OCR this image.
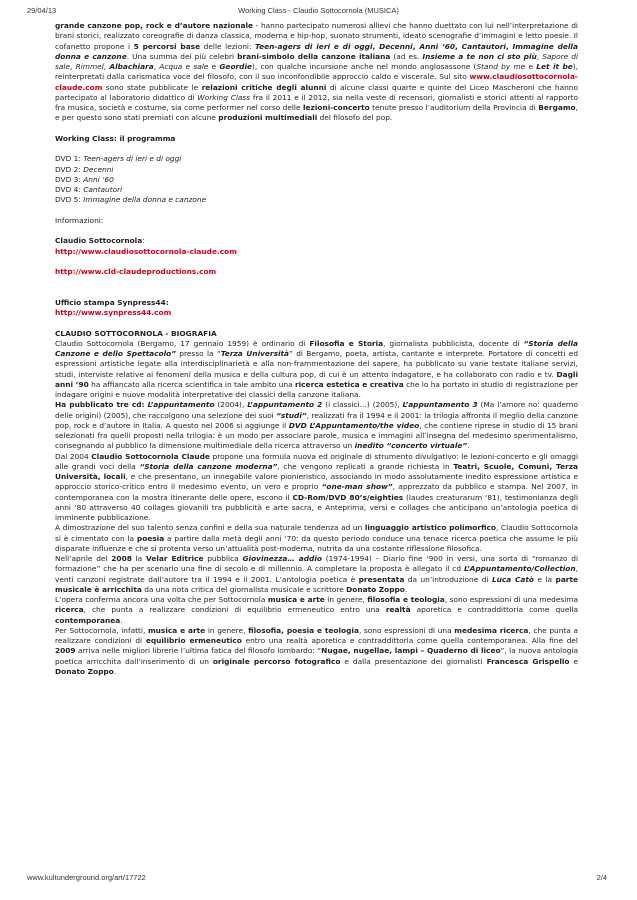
29/04/13	Working Class - Claudio Sottocornola (MUSICA)

grande canzone pop, rock e d’autore nazionale - hanno partecipato numerosi allievi che hanno duettato con lui nell’interpretazione di brani storici, realizzato coreografie di danza classica, moderna e hip-hop, suonato strumenti, ideato scenografie d’immagini e letto poesie. Il cofanetto propone i 5 percorsi base delle lezioni: Teen-agers di ieri e di oggi, Decenni, Anni ‘60, Cantautori, Immagine della donna e canzone. Una summa dei più celebri brani-simbolo della canzone italiana (ad es. Insieme a te non ci sto più, Sapore di sale, Rimmel, Albachiara, Acqua e sale e Geordie), con qualche incursione anche nel mondo anglosassone (Stand by me e Let it be), reinterpretati dalla carismatica voce del filosofo, con il suo inconfondibile approccio caldo e viscerale. Sul sito www.claudiosottocornola-claude.com sono state pubblicate le relazioni critiche degli alunni di alcune classi quarte e quinte del Liceo Mascheroni che hanno partecipato al laboratorio didattico di Working Class fra il 2011 e il 2012, sia nella veste di recensori, giornalisti e storici attenti al rapporto fra musica, società e costume, sia come performer nel corso delle lezioni-concerto tenute presso l’auditorium della Provincia di Bergamo, e per questo sono stati premiati con alcune produzioni multimediali del filosofo del pop.

Working Class: il programma

DVD 1: Teen-agers di ieri e di oggi

DVD 2: Decenni

DVD 3: Anni ‘60

DVD 4: Cantautori

DVD 5: Immagine della donna e canzone

Informazioni:

Claudio Sottocornola:

http://www.claudiosottocornola-claude.com

http://www.cld-claudeproductions.com

Ufficio stampa Synpress44:

http://www.synpress44.com

CLAUDIO SOTTOCORNOLA - BIOGRAFIA

Claudio Sottocornola (Bergamo, 17 gennaio 1959) è ordinario di Filosofia e Storia, giornalista pubblicista, docente di “Storia della Canzone e dello Spettacolo” presso la “Terza Università” di Bergamo, poeta, artista, cantante e interprete. Portatore di concetti ed espressioni artistiche legate alla interdisciplinarietà e alla non-frammentazione del sapere, ha pubblicato su varie testate italiane servizi, studi, interviste relative ai fenomeni della musica e della cultura pop, di cui è un attento indagatore, e ha collaborato con radio e tv. Dagli anni ’90 ha affiancato alla ricerca scientifica in tale ambito una ricerca estetica e creativa che lo ha portato in studio di registrazione per indagare origini e nuove modalità interpretative dei classici della canzone italiana.

Ha pubblicato tre cd: L’appuntamento (2004), L’appuntamento 2 (i classici…) (2005), L’appuntamento 3 (Ma l’amore no: quaderno delle origini) (2005), che raccolgono una selezione dei suoi “studi”, realizzati fra il 1994 e il 2001: la trilogia affronta il meglio della canzone pop, rock e d’autore in Italia. A questo nel 2006 si aggiunge il DVD L’Appuntamento/the video, che contiene riprese in studio di 15 brani selezionati fra quelli proposti nella trilogia: è un modo per associare parole, musica e immagini all’insegna del medesimo sperimentalismo, consegnando al pubblico la dimensione multimediale della ricerca attraverso un inedito “concerto virtuale”.

Dal 2004 Claudio Sottocornola Claude propone una formula nuova ed originale di strumento divulgativo: le lezioni-concerto e gli omaggi alle grandi voci della “Storia della canzone moderna”, che vengono replicati a grande richiesta in Teatri, Scuole, Comuni, Terza Università, locali, e che presentano, un innegabile valore pionieristico, associando in modo assolutamente inedito espressione artistica e approccio storico-critico entro il medesimo evento, un vero e proprio “one-man show”, apprezzato da pubblico e stampa. Nel 2007, in contemporanea con la mostra itinerante delle opere, escono il CD-Rom/DVD 80’s/eighties (laudes creaturarum ‘81), testimonianza degli anni ‘80 attraverso 40 collages giovanili tra pubblicità e arte sacra, e Anteprima, versi e collages che anticipano un’antologia poetica di imminente pubblicazione.

A dimostrazione del suo talento senza confini e della sua naturale tendenza ad un linguaggio artistico polimorfico, Claudio Sottocornola si è cimentato con la poesia a partire dalla metà degli anni ‘70: da questo periodo conduce una tenace ricerca poetica che assume le più disparate influenze e che si protenta verso un’attualità post-moderna, nutrita da una costante riflessione filosofica.

Nell’aprile del 2008 la Velar Editrice pubblica Giovinezza… addio (1974-1994) – Diario fine ‘900 in versi, una sorta di “romanzo di formazione” che ha per scenario una fine di secolo e di millennio. A completare la proposta è allegato il cd L’Appuntamento/Collection, venti canzoni registrate dall’autore tra il 1994 e il 2001. L’antologia poetica è presentata da un’introduzione di Luca Catò e la parte musicale è arricchita da una nota critica del giornalista musicale e scrittore Donato Zoppo.

L’opera conferma ancora una volta che per Sottocornola musica e arte in genere, filosofia e teologia, sono espressioni di una medesima ricerca, che punta a realizzare condizioni di equilibrio ermeneutico entro una realtà aporetica e contraddittoria come quella contemporanea.

Per Sottocornola, infatti, musica e arte in genere, filosofia, poesia e teologia, sono espressioni di una medesima ricerca, che punta a realizzare condizioni di equilibrio ermeneutico entro una realtà aporetica e contraddittoria come quella contemporanea. Alla fine del 2009 arriva nelle migliori librerie l’ultima fatica del filosofo lombardo: “Nugae, nugellae, lampi – Quaderno di liceo”, la nuova antologia poetica arricchita dall’inserimento di un originale percorso fotografico e dalla presentazione dei giornalisti Francesca Grispello e Donato Zoppo.

www.kultunderground.org/art/17722	2/4
